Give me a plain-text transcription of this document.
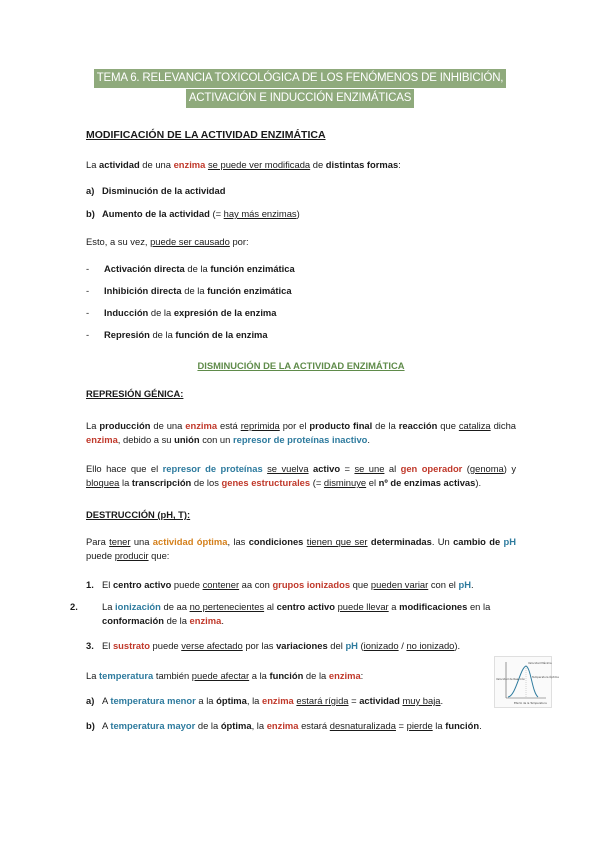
TEMA 6. RELEVANCIA TOXICOLÓGICA DE LOS FENÓMENOS DE INHIBICIÓN,
ACTIVACIÓN E INDUCCIÓN ENZIMÁTICAS
MODIFICACIÓN DE LA ACTIVIDAD ENZIMÁTICA
La actividad de una enzima se puede ver modificada de distintas formas:
a) Disminución de la actividad
b) Aumento de la actividad (= hay más enzimas)
Esto, a su vez, puede ser causado por:
- Activación directa de la función enzimática
- Inhibición directa de la función enzimática
- Inducción de la expresión de la enzima
- Represión de la función de la enzima
DISMINUCIÓN DE LA ACTIVIDAD ENZIMÁTICA
REPRESIÓN GÉNICA:
La producción de una enzima está reprimida por el producto final de la reacción que cataliza dicha enzima, debido a su unión con un represor de proteínas inactivo.
Ello hace que el represor de proteínas se vuelva activo = se une al gen operador (genoma) y bloquea la transcripción de los genes estructurales (= disminuye el nº de enzimas activas).
DESTRUCCIÓN (pH, T):
Para tener una actividad óptima, las condiciones tienen que ser determinadas. Un cambio de pH puede producir que:
1. El centro activo puede contener aa con grupos ionizados que pueden variar con el pH.
2.	La ionización de aa no pertenecientes al centro activo puede llevar a modificaciones en la conformación de la enzima.
3. El sustrato puede verse afectado por las variaciones del pH (ionizado / no ionizado).
La temperatura también puede afectar a la función de la enzima:
a) A temperatura menor a la óptima, la enzima estará rígida = actividad muy baja.
b) A temperatura mayor de la óptima, la enzima estará desnaturalizada = pierde la función.
Velocidad de Reacción
Efecto de la Temperatura
Velocidad Máxima
Temperatura Óptima
